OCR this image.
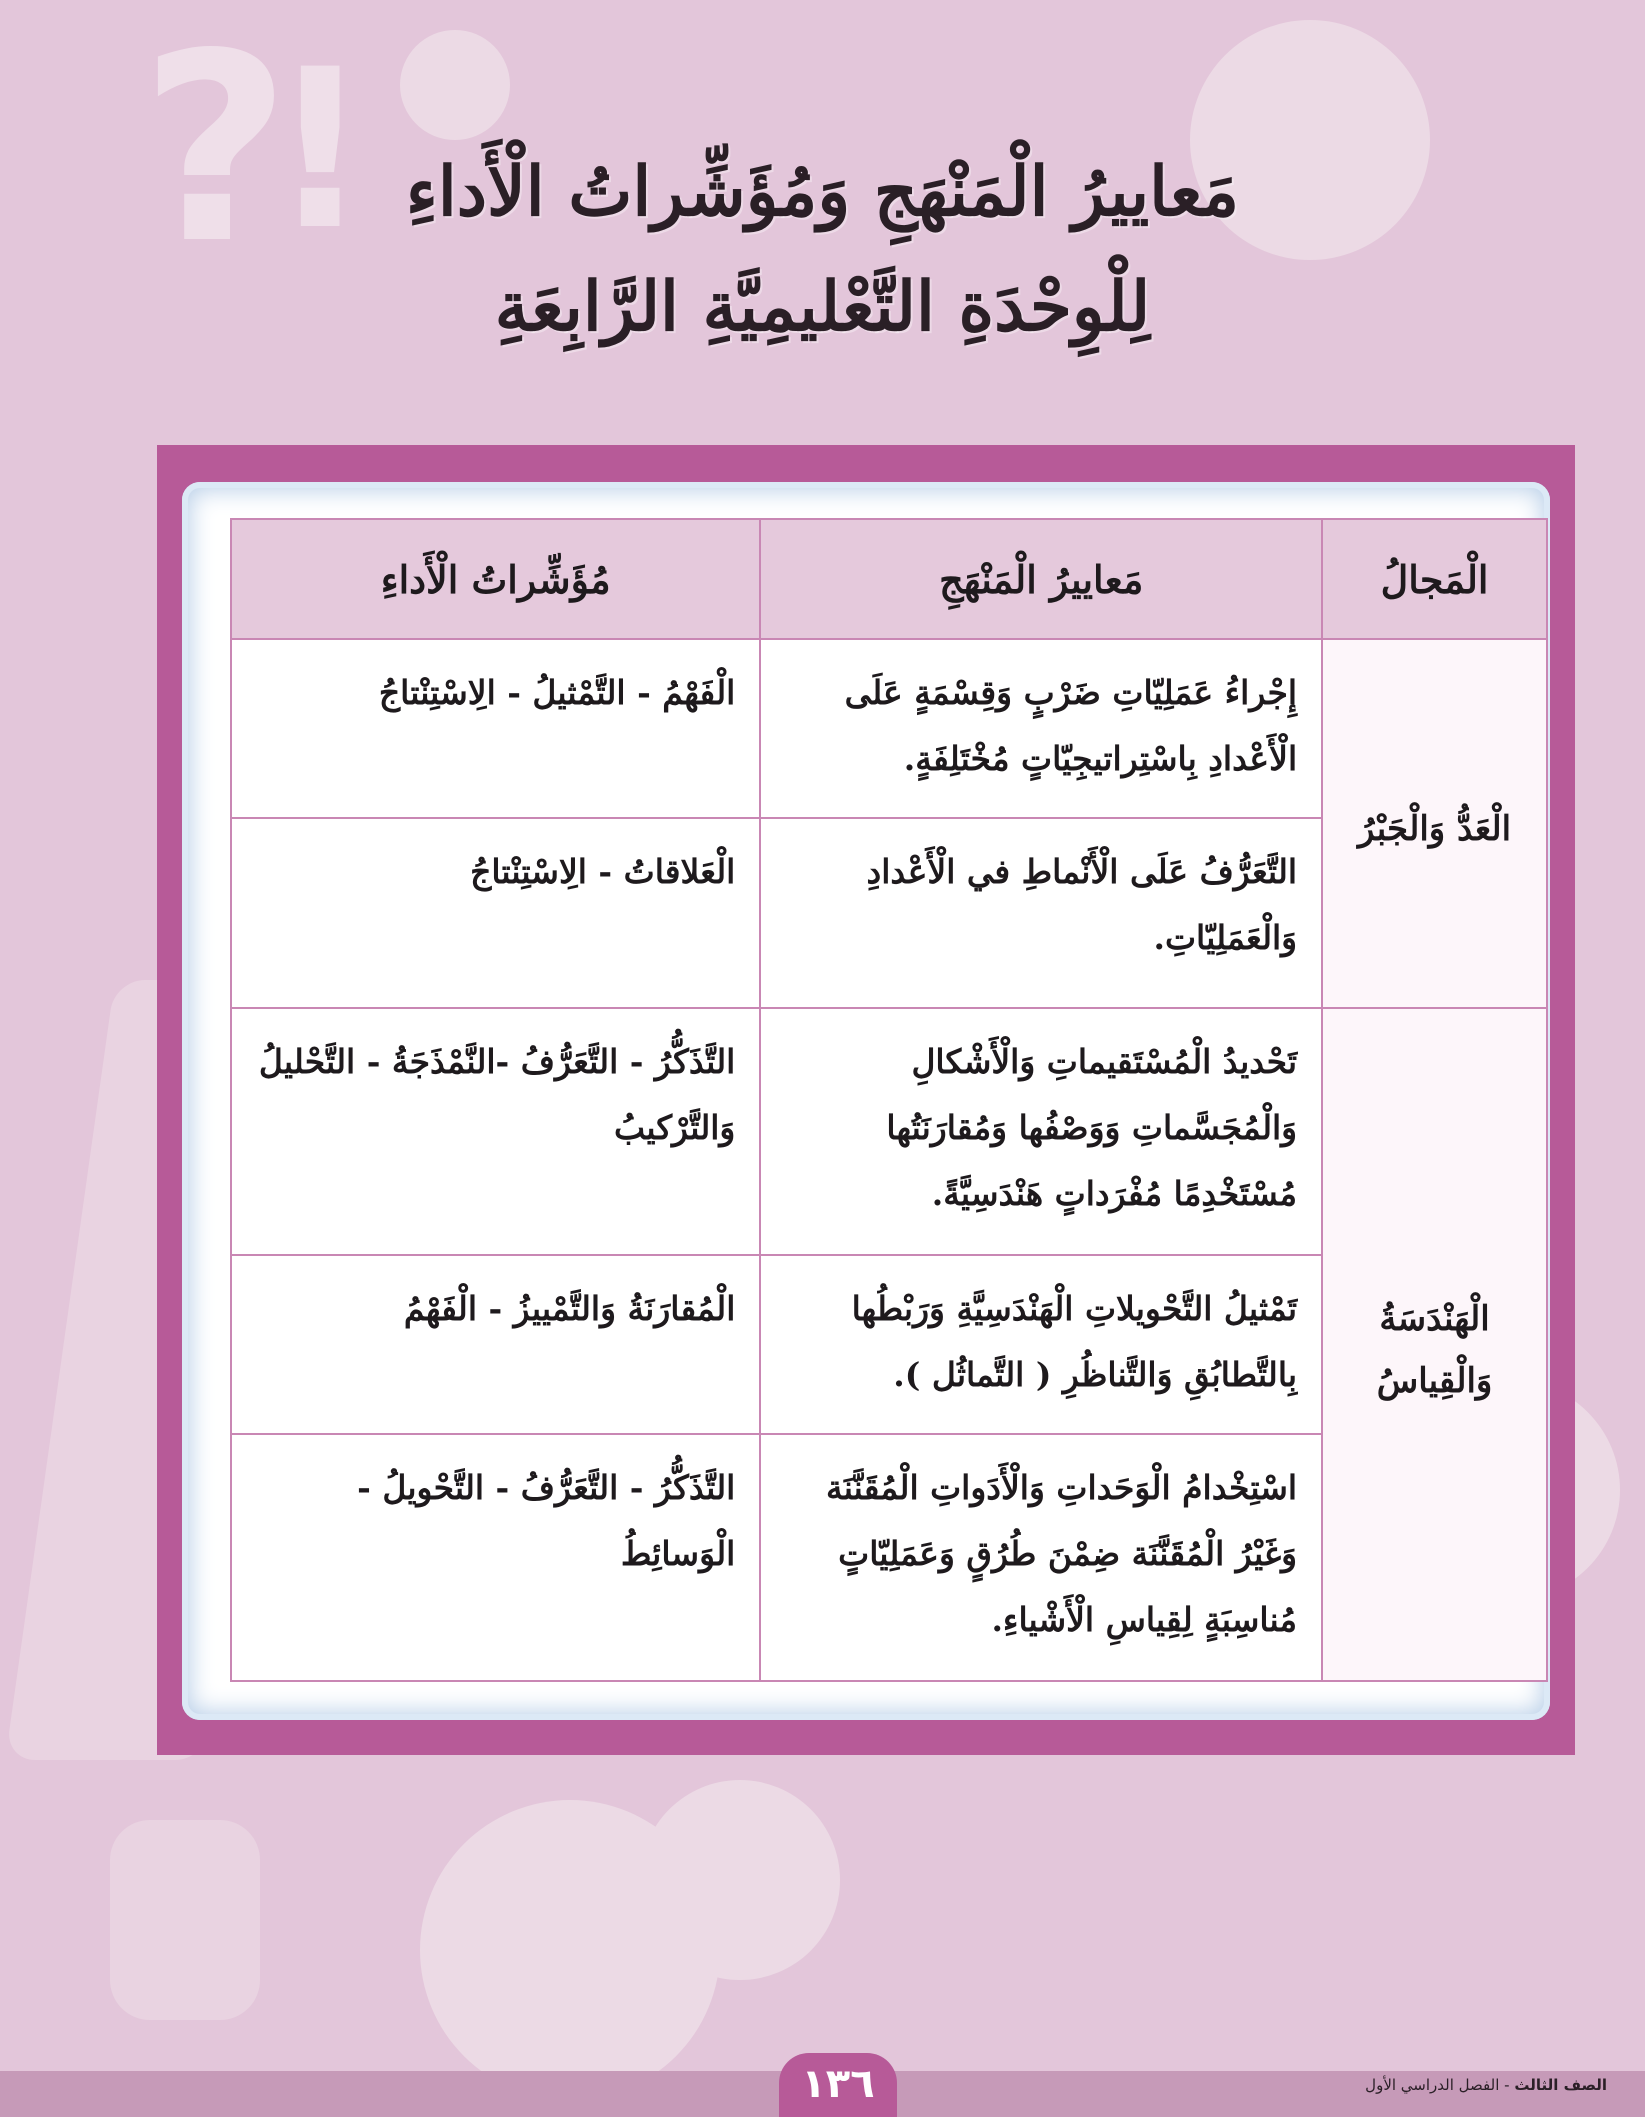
?
! مَعاييرُ الْمَنْهَجِ وَمُؤَشِّراتُ الْأَداءِ
لِلْوِحْدَةِ التَّعْليمِيَّةِ الرَّابِعَةِ
الْمَجالُ	مَعاييرُ الْمَنْهَجِ	مُؤَشِّراتُ الْأَداءِ
الْعَدُّ وَالْجَبْرُ	إِجْراءُ عَمَلِيّاتِ ضَرْبٍ وَقِسْمَةٍ عَلَى الْأَعْدادِ بِاسْتِراتيجِيّاتٍ مُخْتَلِفَةٍ.	الْفَهْمُ - التَّمْثيلُ - الِاسْتِنْتاجُ
	التَّعَرُّفُ عَلَى الْأَنْماطِ في الْأَعْدادِ وَالْعَمَلِيّاتِ.	الْعَلاقاتُ - الِاسْتِنْتاجُ
الْهَنْدَسَةُ وَالْقِياسُ	تَحْديدُ الْمُسْتَقيماتِ وَالْأَشْكالِ وَالْمُجَسَّماتِ وَوَصْفُها وَمُقارَنَتُها مُسْتَخْدِمًا مُفْرَداتٍ هَنْدَسِيَّةً.	التَّذَكُّرُ - التَّعَرُّفُ -النَّمْذَجَةُ - التَّحْليلُ وَالتَّرْكيبُ
	تَمْثيلُ التَّحْويلاتِ الْهَنْدَسِيَّةِ وَرَبْطُها بِالتَّطابُقِ وَالتَّناظُرِ ( التَّماثُل ).	الْمُقارَنَةُ وَالتَّمْييزُ - الْفَهْمُ
	اسْتِخْدامُ الْوَحَداتِ وَالْأَدَواتِ الْمُقَنَّنَة وَغَيْرُ الْمُقَنَّنَة ضِمْنَ طُرُقٍ وَعَمَلِيّاتٍ مُناسِبَةٍ لِقِياسِ الْأَشْياءِ.	التَّذَكُّرُ - التَّعَرُّفُ - التَّحْويلُ - الْوَسائِطُ
١٣٦	الصف الثالث - الفصل الدراسي الأول
